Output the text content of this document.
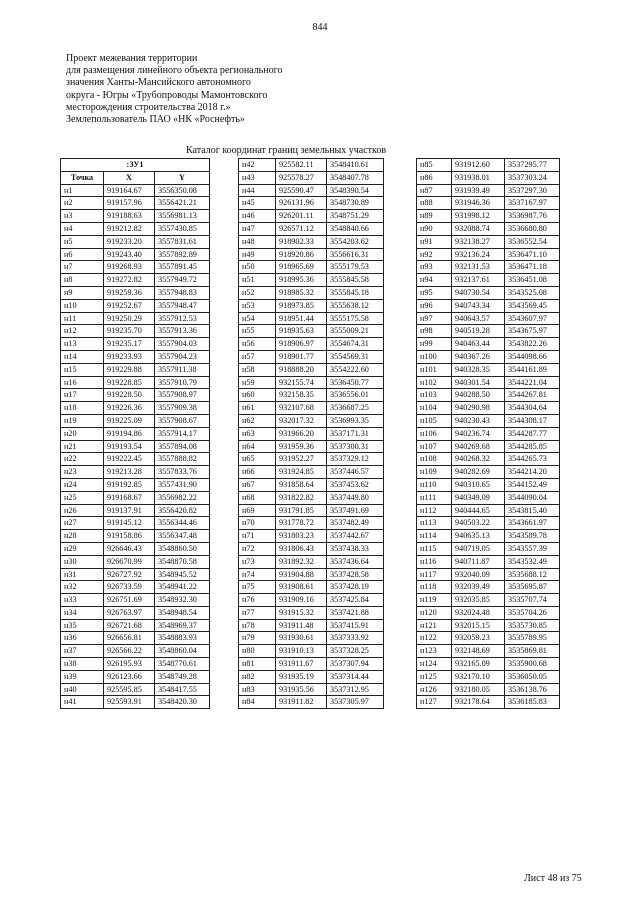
844
Проект межевания территории
для размещения линейного объекта регионального
значения Ханты-Мансийского автономного
округа - Югры «Трубопроводы Мамонтовского
месторождения строительства 2018 г.»
Землепользователь ПАО «НК «Роснефть»
Каталог координат границ земельных участков
:ЗУ1		
Точка	X	Y
н1	919164.67	3556350.08
н2	919157.96	3556421.21
н3	919188.63	3556981.13
н4	919212.82	3557430.85
н5	919233.20	3557831.61
н6	919243.40	3557892.89
н7	919268.93	3557891.45
н8	919272.82	3557949.72
н9	919259.36	3557948.83
н10	919252.67	3557948.47
н11	919250.29	3557912.53
н12	919235.70	3557913.36
н13	919235.17	3557904.03
н14	919233.93	3557904.23
н15	919229.88	3557911.38
н16	919228.85	3557910.79
н17	919228.50	3557908.97
н18	919226.36	3557909.38
н19	919225.09	3557908.67
н20	919194.86	3557914.17
н21	919193.54	3557894.08
н22	919222.45	3557888.82
н23	919213.28	3557833.76
н24	919192.85	3557431.90
н25	919168.67	3556982.22
н26	919137.91	3556420.82
н27	919145.12	3556344.46
н28	919158.86	3556347.48
н29	926646.43	3548860.50
н30	926670.99	3548870.58
н31	926727.92	3548945.52
н32	926733.59	3548941.22
н33	926751.69	3548932.30
н34	926763.97	3548948.54
н35	926721.68	3548969.37
н36	926656.81	3548883.93
н37	926566.22	3548860.04
н38	926195.93	3548770.61
н39	926123.66	3548749.28
н40	925595.85	3548417.55
н41	925593.91	3548420.30
н42	925582.11	3548410.61
н43	925578.27	3548407.78
н44	925590.47	3548390.54
н45	926131.96	3548730.89
н46	926201.11	3548751.29
н47	926571.12	3548840.66
н48	918902.33	3554203.62
н49	918920.86	3556616.31
н50	918965.69	3555179.53
н51	918995.36	3555845.58
н52	918985.32	3555845.18
н53	918973.85	3555638.12
н54	918951.44	3555175.58
н55	918935.63	3555009.21
н56	918906.97	3554674.31
н57	918901.77	3554569.31
н58	918888.20	3554222.60
н59	932155.74	3536450.77
н60	932158.35	3536556.01
н61	932107.68	3536687.25
н62	932017.32	3536993.35
н63	931966.20	3537171.31
н64	931959.36	3537300.31
н65	931952.27	3537329.12
н66	931924.85	3537446.57
н67	931858.64	3537453.62
н68	931822.82	3537449.80
н69	931791.85	3537491.69
н70	931778.72	3537482.49
н71	931803.23	3537442.67
н72	931806.43	3537438.33
н73	931892.32	3537436.64
н74	931904.88	3537428.58
н75	931908.61	3537428.19
н76	931909.16	3537425.84
н77	931915.32	3537421.88
н78	931911.48	3537415.91
н79	931930.61	3537333.92
н80	931910.13	3537328.25
н81	931911.67	3537307.94
н82	931935.19	3537314.44
н83	931935.56	3537312.95
н84	931911.82	3537305.97
н85	931912.60	3537295.77
н86	931938.01	3537303.24
н87	931939.49	3537297.30
н88	931946.36	3537167.97
н89	931998.12	3536987.76
н90	932088.74	3536680.80
н91	932138.27	3536552.54
н92	932136.24	3536471.10
н93	932131.53	3536471.18
н94	932137.61	3536451.08
н95	940730.54	3543525.08
н96	940743.34	3543569.45
н97	940643.57	3543607.97
н98	940519.28	3543675.97
н99	940463.44	3543822.26
н100	940367.26	3544098.66
н101	940328.35	3544161.89
н102	940301.54	3544221.04
н103	940288.50	3544267.81
н104	940290.98	3544304.64
н105	940230.43	3544308.17
н106	940236.74	3544287.77
н107	940269.68	3544285.85
н108	940268.32	3544265.73
н109	940282.69	3544214.20
н110	940310.65	3544152.49
н111	940349.09	3544090.04
н112	940444.65	3543815.40
н113	940503.22	3543661.97
н114	940635.13	3543589.78
н115	940719.05	3543557.39
н116	940711.87	3543532.49
н117	932040.09	3535688.12
н118	932039.49	3535695.87
н119	932035.85	3535707.74
н120	932024.48	3535704.26
н121	932015.15	3535730.85
н122	932059.23	3535789.95
н123	932148.69	3535869.81
н124	932165.09	3535900.68
н125	932170.10	3536050.05
н126	932180.05	3536138.76
н127	932178.64	3536185.83
Лист 48 из 75
